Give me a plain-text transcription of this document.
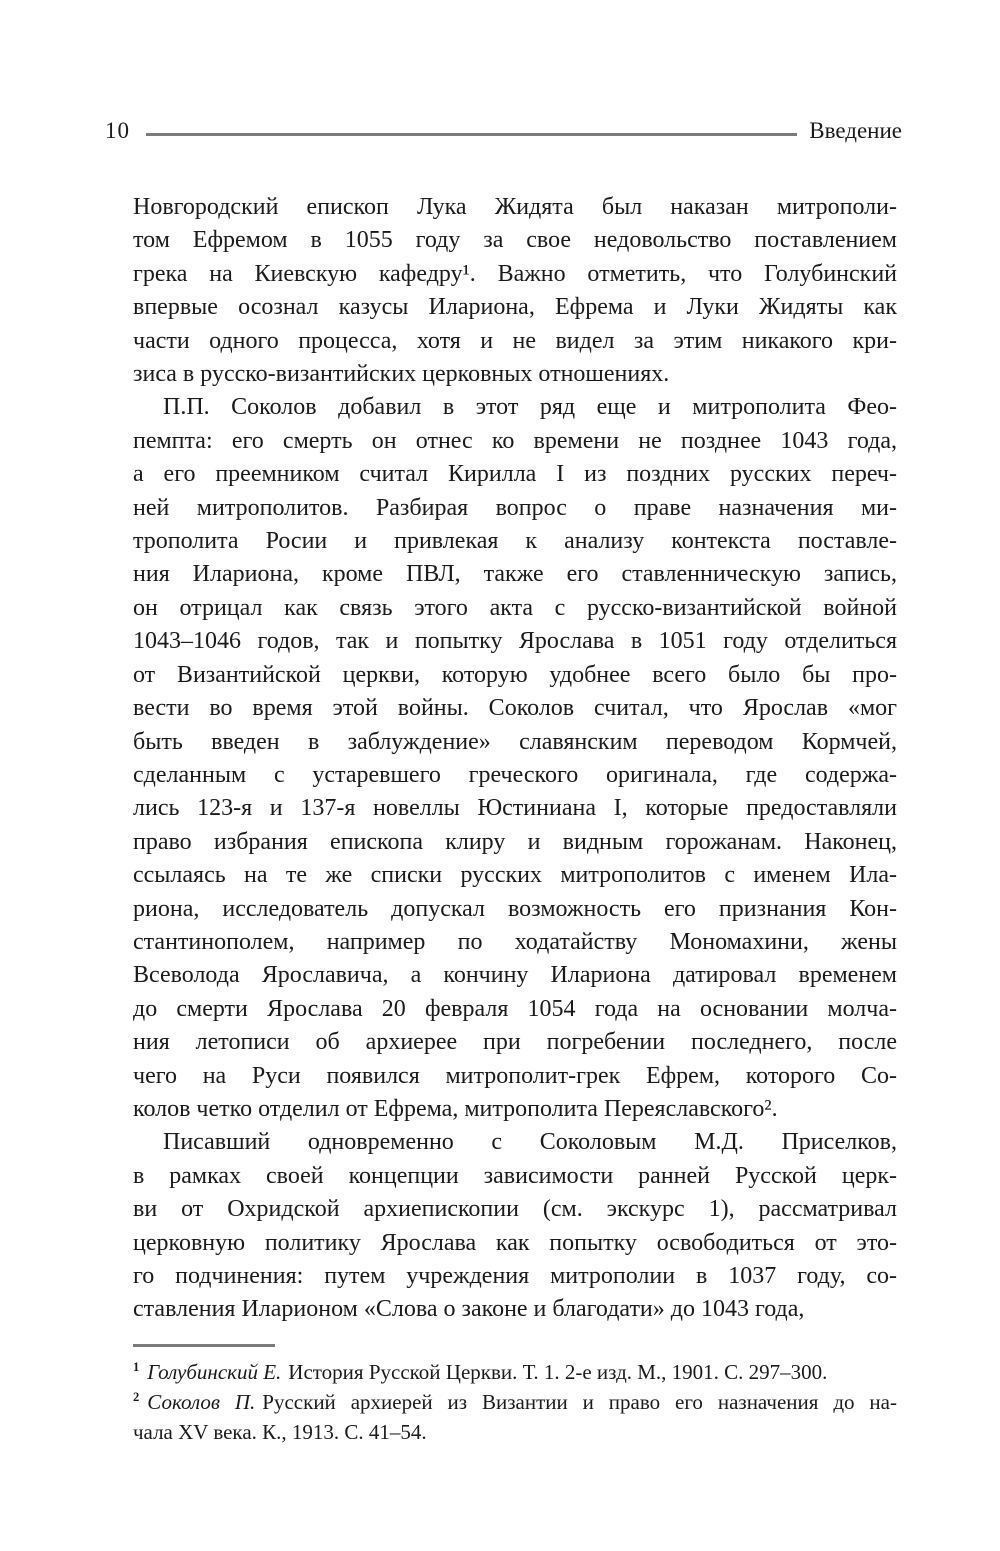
10	Введение
Новгородский епископ Лука Жидята был наказан митрополи-
том Ефремом в 1055 году за свое недовольство поставлением
грека на Киевскую кафедру¹. Важно отметить, что Голубинский
впервые осознал казусы Илариона, Ефрема и Луки Жидяты как
части одного процесса, хотя и не видел за этим никакого кри-
зиса в русско-византийских церковных отношениях.
П.П. Соколов добавил в этот ряд еще и митрополита Фео-
пемпта: его смерть он отнес ко времени не позднее 1043 года,
а его преемником считал Кирилла I из поздних русских переч-
ней митрополитов. Разбирая вопрос о праве назначения ми-
трополита Росии и привлекая к анализу контекста поставле-
ния Илариона, кроме ПВЛ, также его ставленническую запись,
он отрицал как связь этого акта с русско-византийской войной
1043–1046 годов, так и попытку Ярослава в 1051 году отделиться
от Византийской церкви, которую удобнее всего было бы про-
вести во время этой войны. Соколов считал, что Ярослав «мог
быть введен в заблуждение» славянским переводом Кормчей,
сделанным с устаревшего греческого оригинала, где содержа-
лись 123-я и 137-я новеллы Юстиниана I, которые предоставляли
право избрания епископа клиру и видным горожанам. Наконец,
ссылаясь на те же списки русских митрополитов с именем Ила-
риона, исследователь допускал возможность его признания Кон-
стантинополем, например по ходатайству Мономахини, жены
Всеволода Ярославича, а кончину Илариона датировал временем
до смерти Ярослава 20 февраля 1054 года на основании молча-
ния летописи об архиерее при погребении последнего, после
чего на Руси появился митрополит-грек Ефрем, которого Со-
колов четко отделил от Ефрема, митрополита Переяславского².
Писавший одновременно с Соколовым М.Д. Приселков,
в рамках своей концепции зависимости ранней Русской церк-
ви от Охридской архиепископии (см. экскурс 1), рассматривал
церковную политику Ярослава как попытку освободиться от это-
го подчинения: путем учреждения митрополии в 1037 году, со-
ставления Иларионом «Слова о законе и благодати» до 1043 года,
$^1$ Голубинский Е. История Русской Церкви. Т. 1. 2-е изд. М., 1901. С. 297–300.
$^2$ Соколов П. Русский архиерей из Византии и право его назначения до на-
чала XV века. К., 1913. С. 41–54.
